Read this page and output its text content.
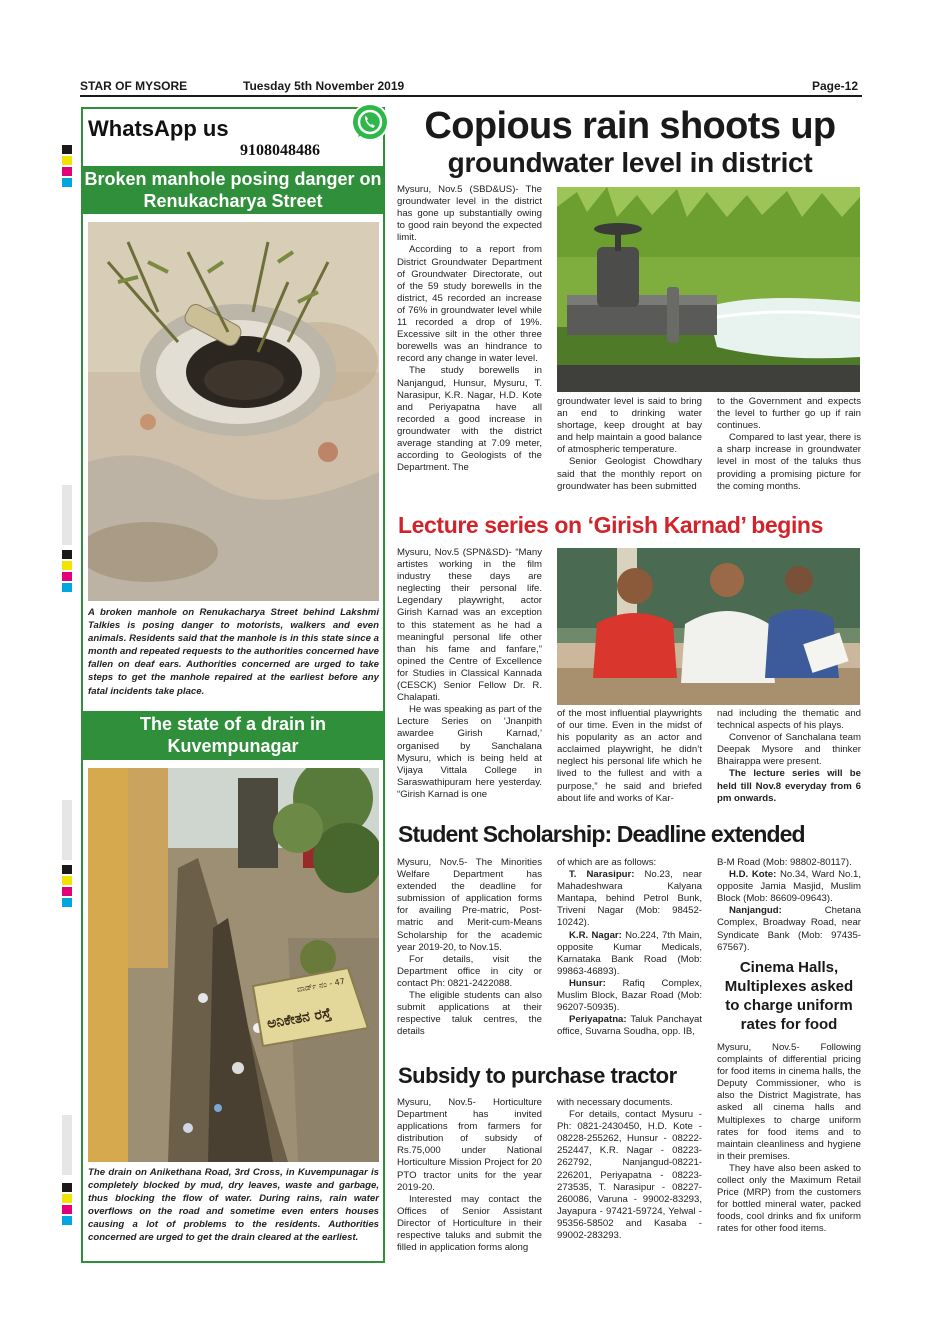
STAR OF MYSORE	Tuesday 5th November 2019	Page-12
WhatsApp us
9108048486
Broken manhole posing danger on Renukacharya Street
A broken manhole on Renukacharya Street behind Lakshmi Talkies is posing danger to motorists, walkers and even animals. Residents said that the manhole is in this state since a month and repeated requests to the authorities concerned have fallen on deaf ears. Authorities concerned are urged to take steps to get the manhole repaired at the earliest before any fatal incidents take place.
The state of a drain in Kuvempunagar
ಅನಿಕೇತನ ರಸ್ತೆ
ವಾರ್ಡ್ ನಂ - 47
The drain on Anikethana Road, 3rd Cross, in Kuvempunagar is completely blocked by mud, dry leaves, waste and garbage, thus blocking the flow of water. During rains, rain water overflows on the road and sometime even enters houses causing a lot of problems to the residents. Authorities concerned are urged to get the drain cleared at the earliest.
Copious rain shoots up
groundwater level in district

Mysuru, Nov.5 (SBD&US)- The groundwater level in the district has gone up substantially owing to good rain beyond the expected limit.

According to a report from District Groundwater Department of Groundwater Directorate, out of the 59 study borewells in the district, 45 recorded an increase of 76% in groundwater level while 11 recorded a drop of 19%. Excessive silt in the other three borewells was an hindrance to record any change in water level.

The study borewells in Nanjangud, Hunsur, Mysuru, T. Narasipur, K.R. Nagar, H.D. Kote and Periyapatna have all recorded a good increase in groundwater with the district average standing at 7.09 meter, according to Geologists of the Department. The

groundwater level is said to bring an end to drinking water shortage, keep drought at bay and help maintain a good balance of atmospheric temperature.

Senior Geologist Chowdhary said that the monthly report on groundwater has been submitted

to the Government and expects the level to further go up if rain continues.

Compared to last year, there is a sharp increase in groundwater level in most of the taluks thus providing a promising picture for the coming months.

Lecture series on ‘Girish Karnad’ begins

Mysuru, Nov.5 (SPN&SD)- “Many artistes working in the film industry these days are neglecting their personal life. Legendary playwright, actor Girish Karnad was an exception to this statement as he had a meaningful personal life other than his fame and fanfare,” opined the Centre of Excellence for Studies in Classical Kannada (CESCK) Senior Fellow Dr. R. Chalapati.

He was speaking as part of the Lecture Series on ‘Jnanpith awardee Girish Karnad,’ organised by Sanchalana Mysuru, which is being held at Vijaya Vittala College in Saraswathipuram here yesterday. “Girish Karnad is one

of the most influential playwrights of our time. Even in the midst of his popularity as an actor and acclaimed playwright, he didn’t neglect his personal life which he lived to the fullest and with a purpose,” he said and briefed about life and works of Kar-

nad including the thematic and technical aspects of his plays.

Convenor of Sanchalana team Deepak Mysore and thinker Bhairappa were present.

The lecture series will be held till Nov.8 everyday from 6 pm onwards.

Student Scholarship: Deadline extended

Mysuru, Nov.5- The Minorities Welfare Department has extended the deadline for submission of application forms for availing Pre-matric, Post-matric and Merit-cum-Means Scholarship for the academic year 2019-20, to Nov.15.

For details, visit the Department office in city or contact Ph: 0821-2422088.

The eligible students can also submit applications at their respective taluk centres, the details

of which are as follows:

T. Narasipur: No.23, near Mahadeshwara Kalyana Mantapa, behind Petrol Bunk, Triveni Nagar (Mob: 98452-10242).

K.R. Nagar: No.224, 7th Main, opposite Kumar Medicals, Karnataka Bank Road (Mob: 99863-46893).

Hunsur: Rafiq Complex, Muslim Block, Bazar Road (Mob: 96207-50935).

Periyapatna: Taluk Panchayat office, Suvarna Soudha, opp. IB,

B-M Road (Mob: 98802-80117).

H.D. Kote: No.34, Ward No.1, opposite Jamia Masjid, Muslim Block (Mob: 86609-09643).

Nanjangud:	Chetana Complex, Broadway Road, near Syndicate Bank (Mob: 97435-67567).

Cinema Halls, Multiplexes asked to charge uniform rates for food

Mysuru, Nov.5- Following complaints of differential pricing for food items in cinema halls, the Deputy Commissioner, who is also the District Magistrate, has asked all cinema halls and Multiplexes to charge uniform rates for food items and to maintain cleanliness and hygiene in their premises.

They have also been asked to collect only the Maximum Retail Price (MRP) from the customers for bottled mineral water, packed foods, cool drinks and fix uniform rates for other food items.

Subsidy to purchase tractor

Mysuru, Nov.5- Horticulture Department has invited applications from farmers for distribution of subsidy of Rs.75,000 under National Horticulture Mission Project for 20 PTO tractor units for the year 2019-20.

Interested may contact the Offices of Senior Assistant Director of Horticulture in their respective taluks and submit the filled in application forms along

with necessary documents.

For details, contact Mysuru - Ph: 0821-2430450, H.D. Kote - 08228-255262, Hunsur - 08222-252447, K.R. Nagar - 08223-262792, Nanjangud-08221-226201, Periyapatna - 08223-273535, T. Narasipur - 08227-260086, Varuna - 99002-83293, Jayapura - 97421-59724, Yelwal - 95356-58502 and Kasaba - 99002-283293.
